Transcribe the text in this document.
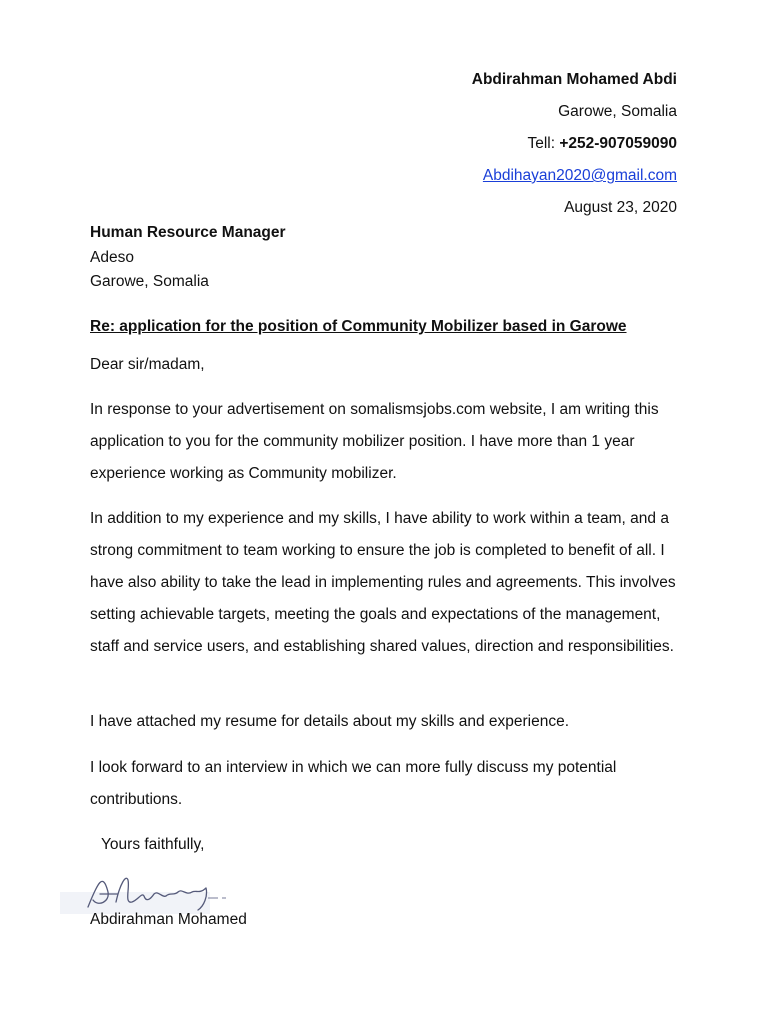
Abdirahman Mohamed Abdi
Garowe, Somalia
Tell: +252-907059090
Abdihayan2020@gmail.com
August 23, 2020
Human Resource Manager
Adeso
Garowe, Somalia
Re: application for the position of Community Mobilizer based in Garowe
Dear sir/madam,
In response to your advertisement on somalismsjobs.com website, I am writing this application to you for the community mobilizer position. I have more than 1 year experience working as Community mobilizer.
In addition to my experience and my skills, I have ability to work within a team, and a strong commitment to team working to ensure the job is completed to benefit of all. I have also ability to take the lead in implementing rules and agreements. This involves setting achievable targets, meeting the goals and expectations of the management, staff and service users, and establishing shared values, direction and responsibilities.
I have attached my resume for details about my skills and experience.
I look forward to an interview in which we can more fully discuss my potential contributions.
Yours faithfully,
Abdirahman Mohamed
